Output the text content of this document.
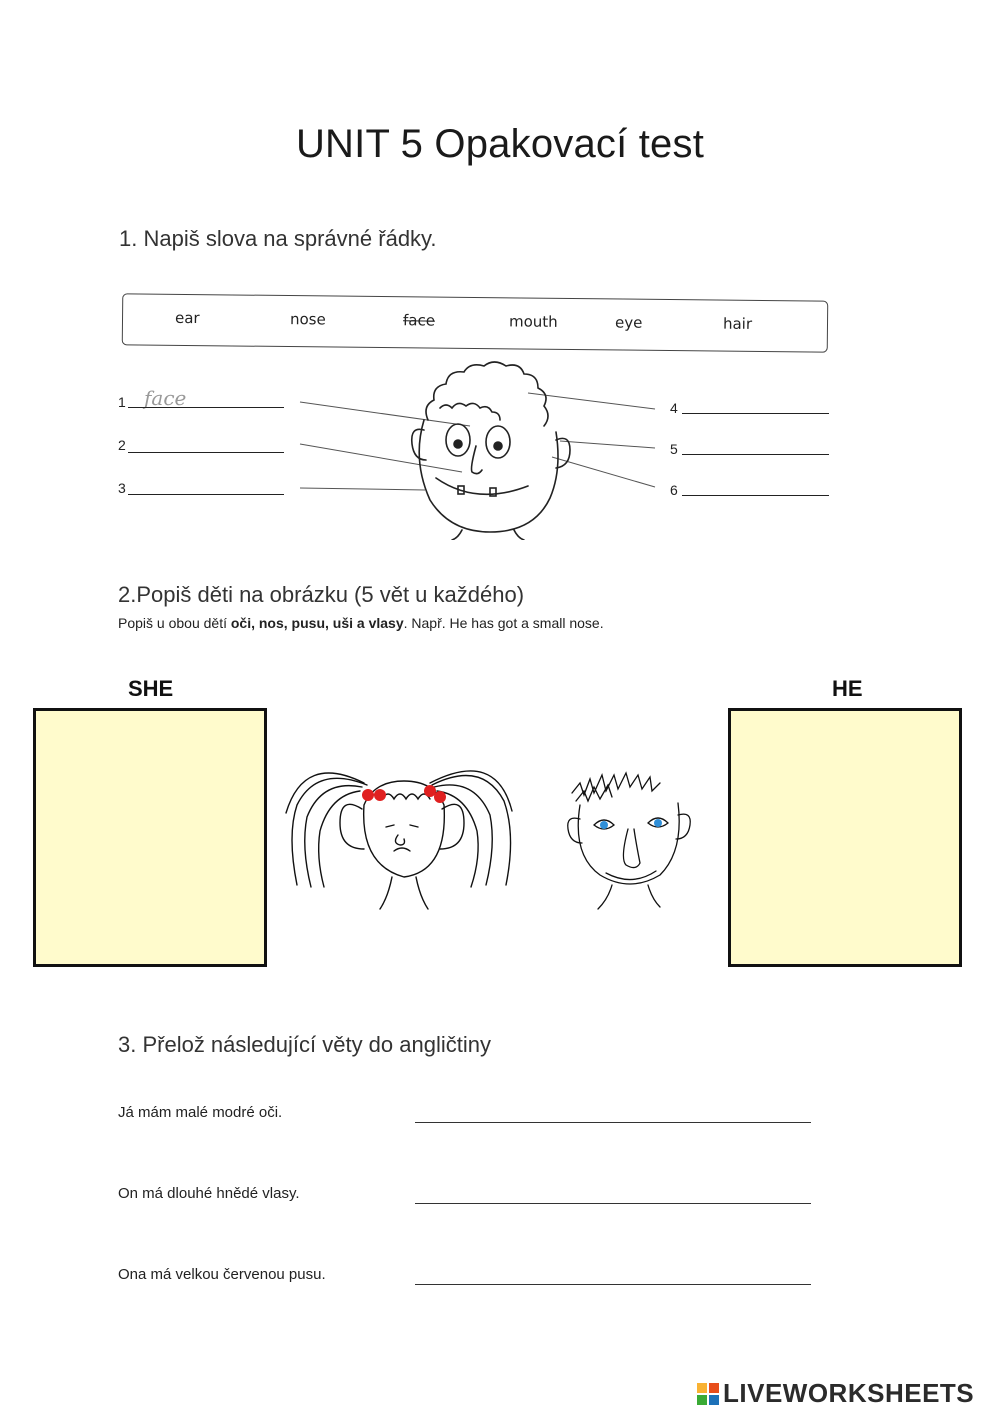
UNIT 5 Opakovací test
1. Napiš slova na správné řádky.
ear	nose	face	mouth	eye	hair
1 face
2
3
4
5
6
2.Popiš děti na obrázku (5 vět u každého)
Popiš u obou dětí oči, nos, pusu, uši a vlasy. Např. He has got a small nose.
SHE	HE
3. Přelož následující věty do angličtiny
Já mám malé modré oči.
On má dlouhé hnědé vlasy.
Ona má velkou červenou pusu.
LIVEWORKSHEETS
